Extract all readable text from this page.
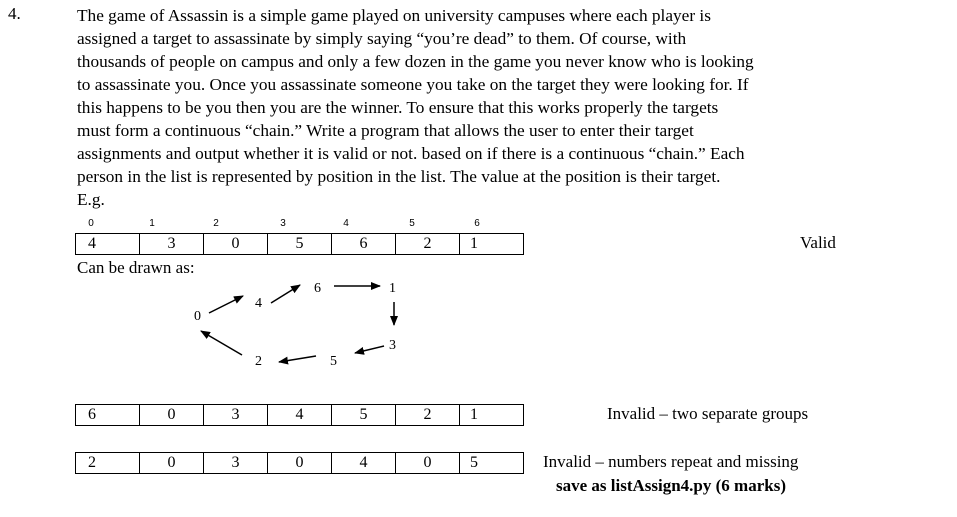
4.	The game of Assassin is a simple game played on university campuses where each player is
assigned a target to assassinate by simply saying “you’re dead” to them. Of course, with
thousands of people on campus and only a few dozen in the game you never know who is looking
to assassinate you. Once you assassinate someone you take on the target they were looking for. If
this happens to be you then you are the winner. To ensure that this works properly the targets
must form a continuous “chain.” Write a program that allows the user to enter their target
assignments and output whether it is valid or not. based on if there is a continuous “chain.” Each
person in the list is represented by position in the list. The value at the position is their target.
E.g.
0	1	2	3	4	5	6
4	3	0	5	6	2	1	Valid
Can be drawn as:
0
4
6	1
3
5
2
6	0	3	4	5	2	1	Invalid – two separate groups
2	0	3	0	4	0	5	Invalid – numbers repeat and missing
save as listAssign4.py (6 marks)
